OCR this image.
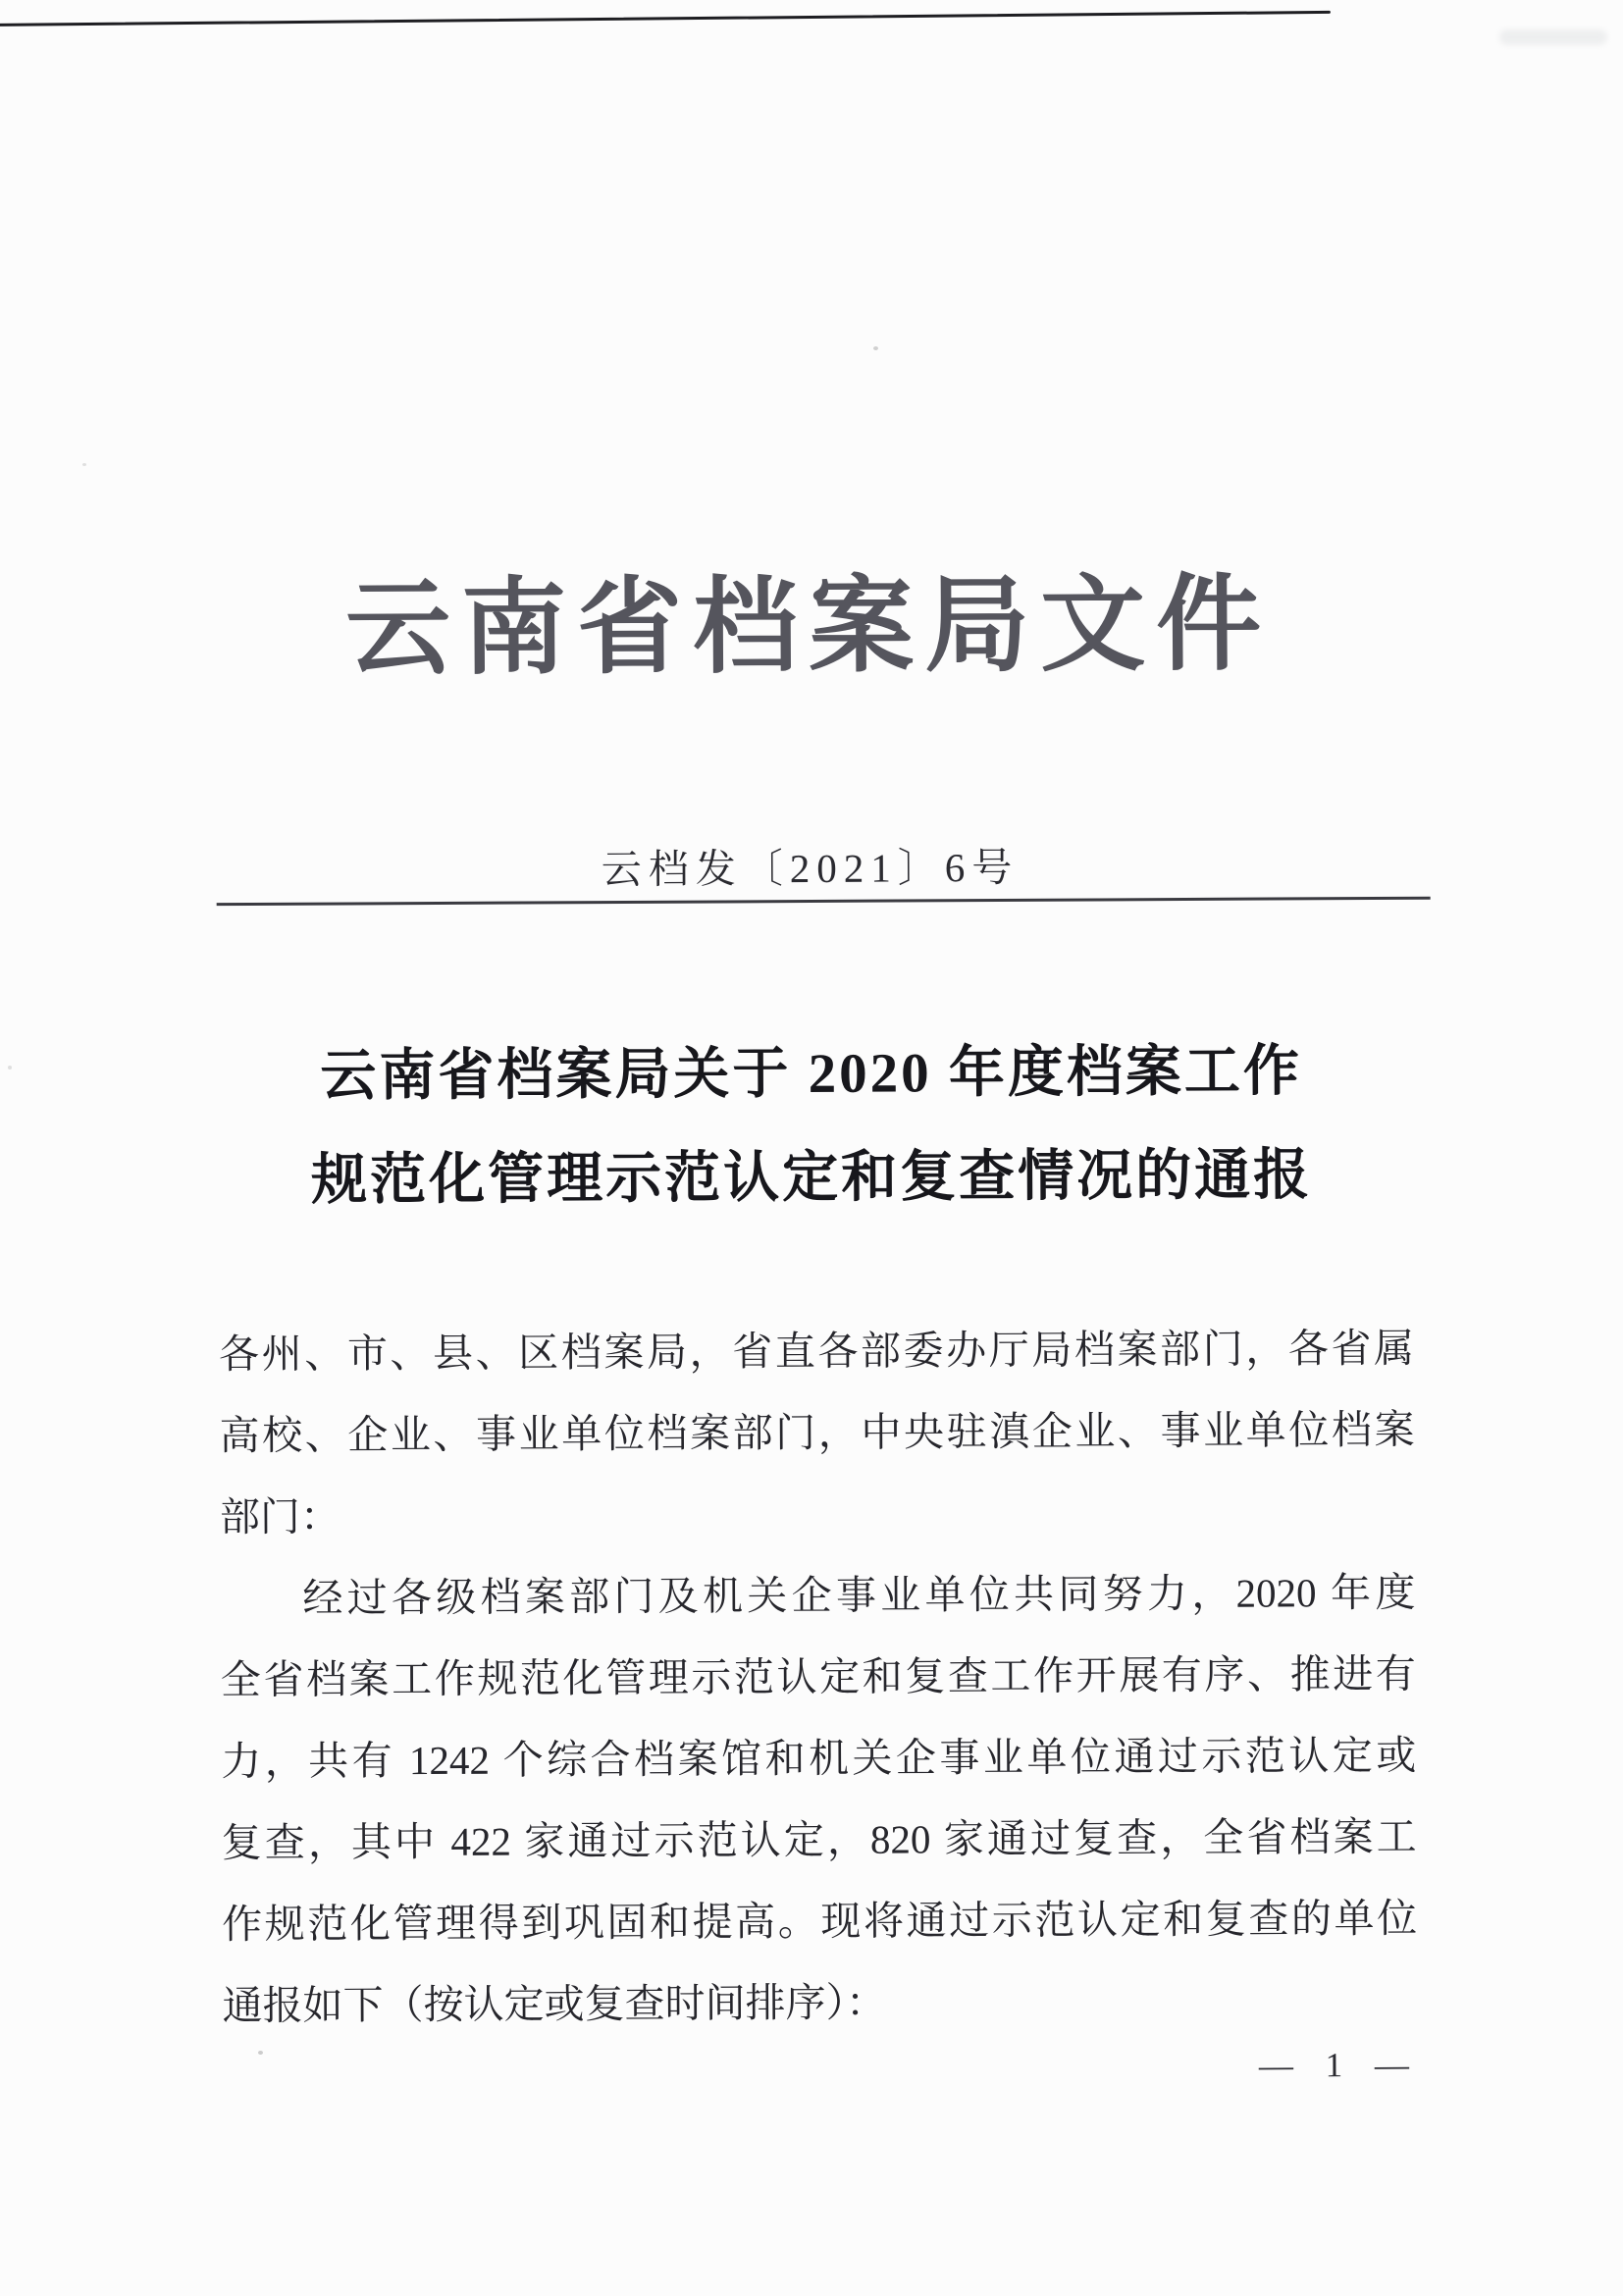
云南省档案局文件
云档发〔2021〕6号
云南省档案局关于 2020 年度档案工作
规范化管理示范认定和复查情况的通报
各州、市、县、区档案局，省直各部委办厅局档案部门，各省属
高校、企业、事业单位档案部门，中央驻滇企业、事业单位档案
部门：
经过各级档案部门及机关企事业单位共同努力，2020 年度
全省档案工作规范化管理示范认定和复查工作开展有序、推进有
力，共有 1242 个综合档案馆和机关企事业单位通过示范认定或
复查，其中 422 家通过示范认定，820 家通过复查，全省档案工
作规范化管理得到巩固和提高。现将通过示范认定和复查的单位
通报如下（按认定或复查时间排序）：
— 1 —
